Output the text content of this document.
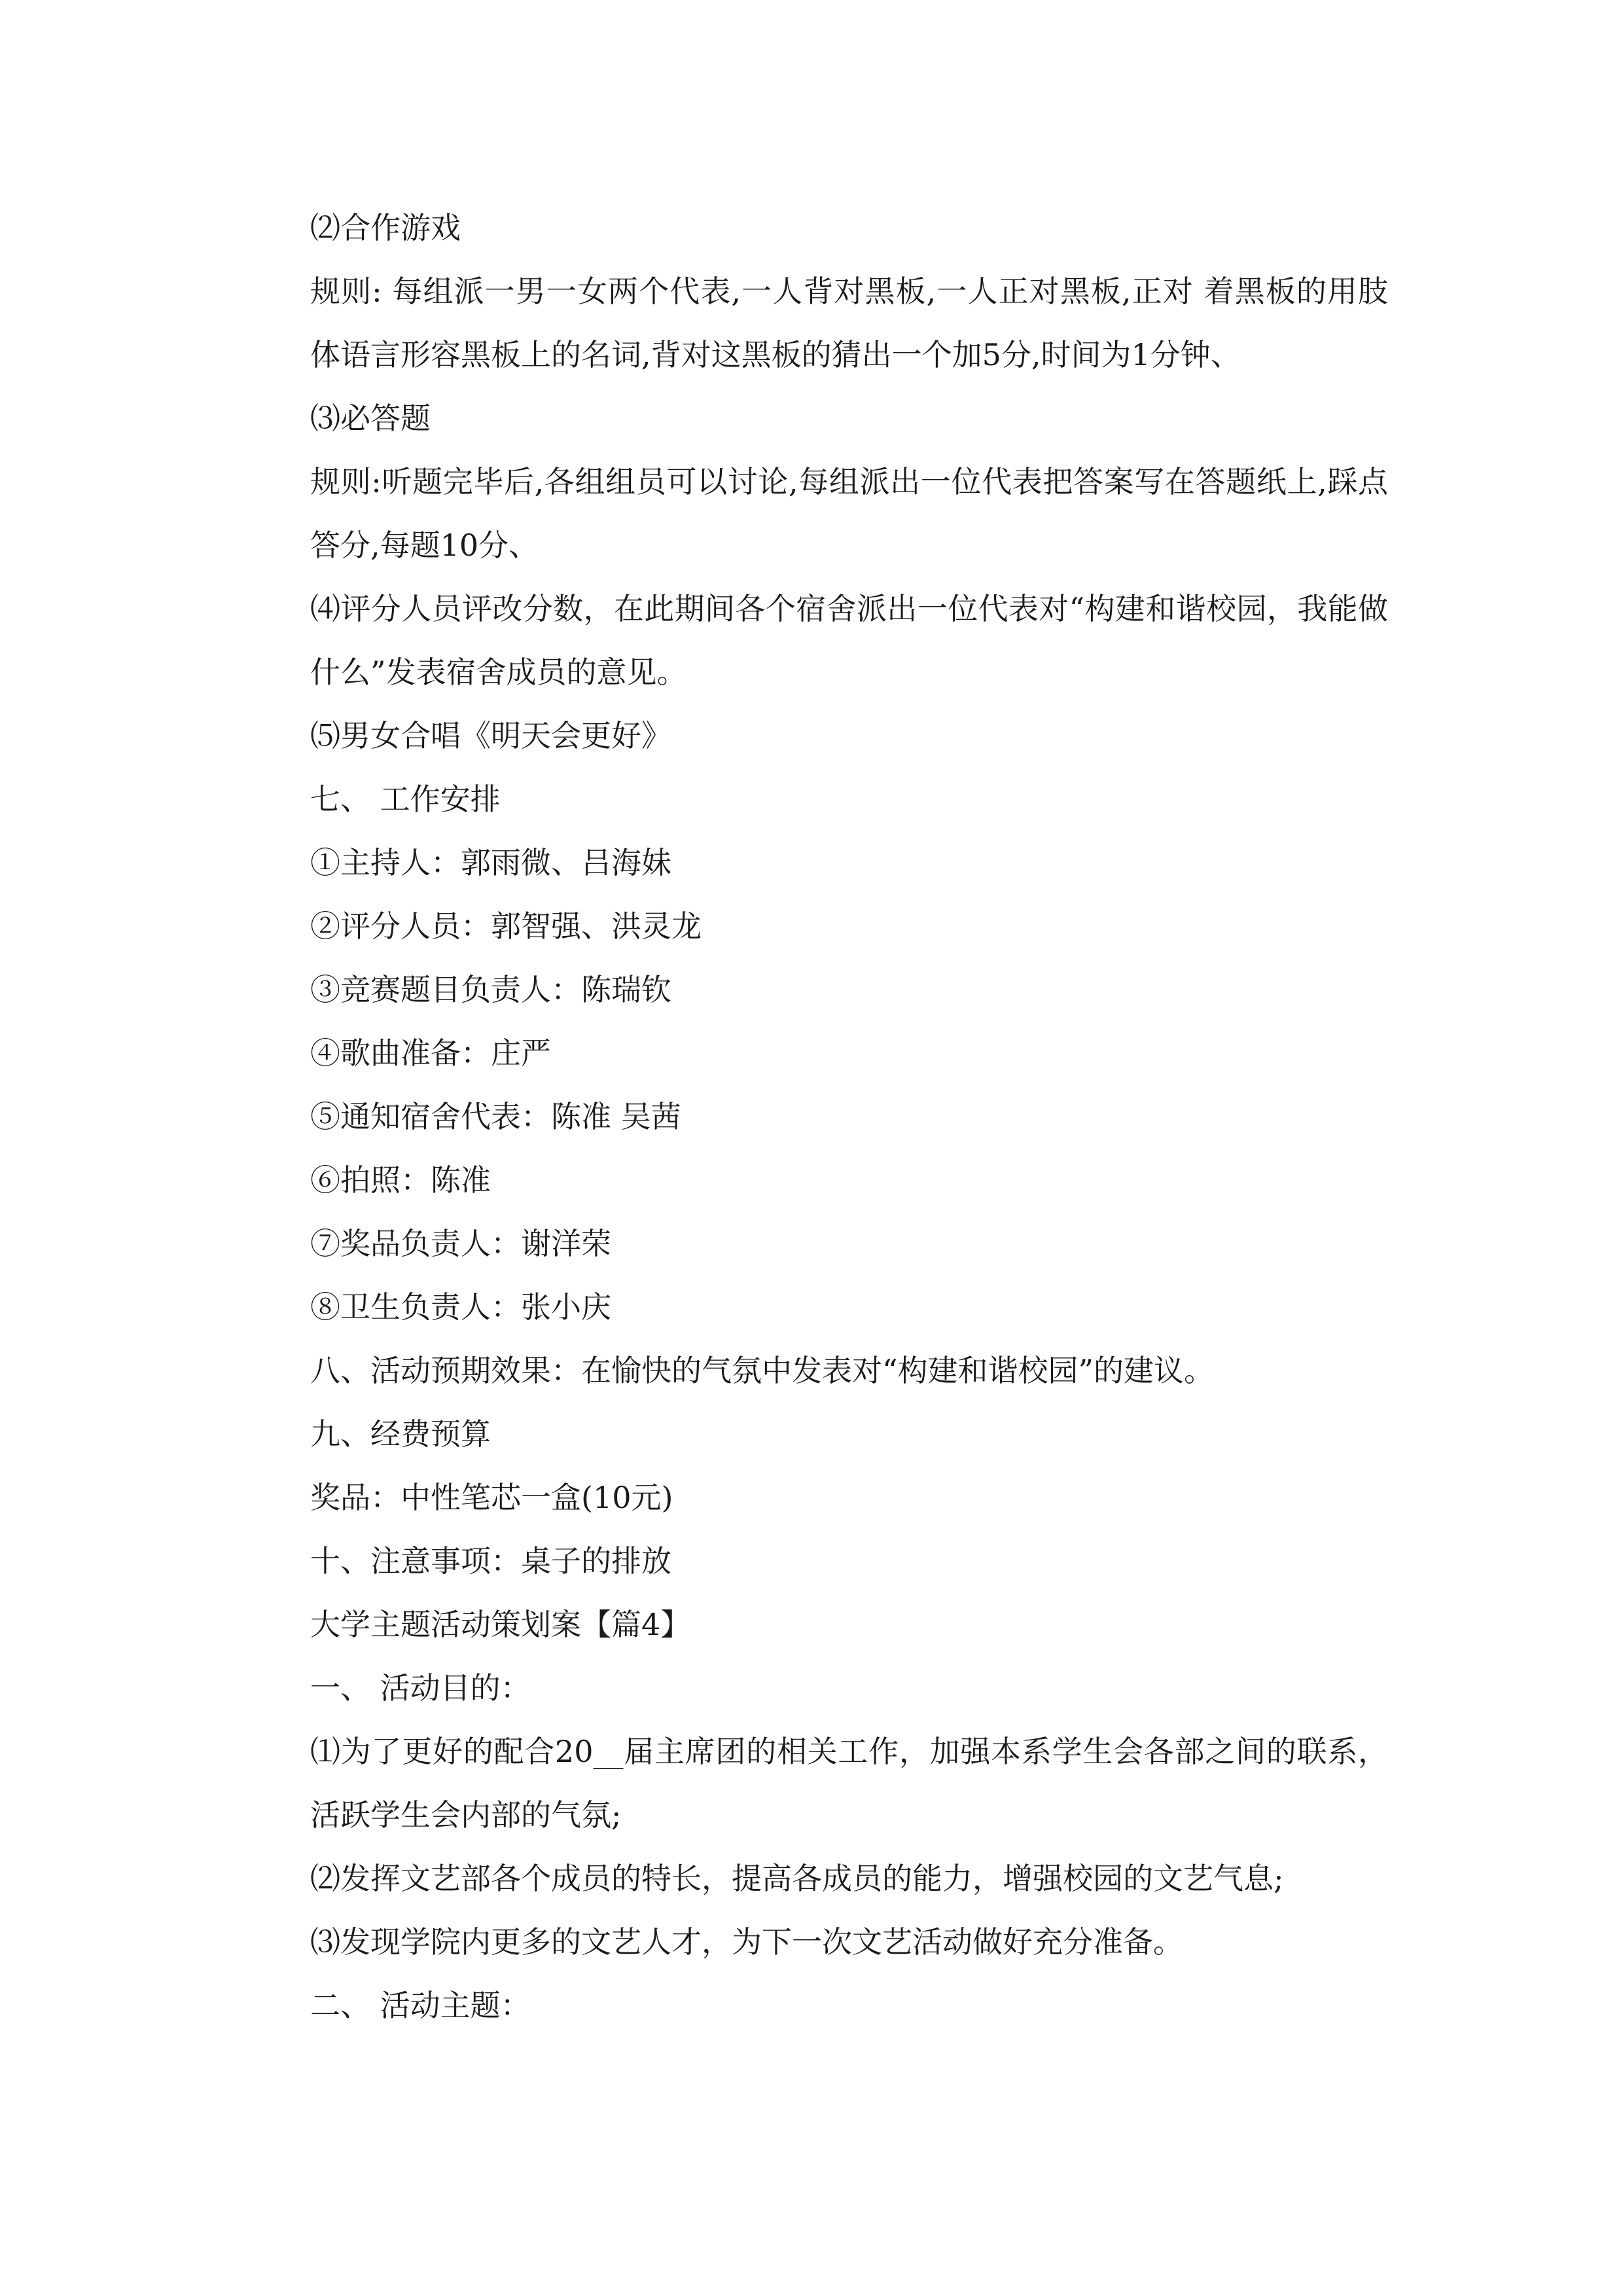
⑵合作游戏

规则: 每组派一男一女两个代表,一人背对黑板,一人正对黑板,正对 着黑板的用肢体语言形容黑板上的名词,背对这黑板的猜出一个加5分,时间为1分钟、

⑶必答题

规则:听题完毕后,各组组员可以讨论,每组派出一位代表把答案写在答题纸上,踩点答分,每题10分、

⑷评分人员评改分数，在此期间各个宿舍派出一位代表对“构建和谐校园，我能做什么”发表宿舍成员的意见。

⑸男女合唱《明天会更好》

七、 工作安排

①主持人：郭雨微、吕海妹

②评分人员：郭智强、洪灵龙

③竞赛题目负责人：陈瑞钦

④歌曲准备：庄严

⑤通知宿舍代表：陈准 吴茜

⑥拍照：陈准

⑦奖品负责人：谢洋荣

⑧卫生负责人：张小庆

八、活动预期效果：在愉快的气氛中发表对“构建和谐校园”的建议。

九、经费预算

奖品：中性笔芯一盒(10元)

十、注意事项：桌子的排放

大学主题活动策划案【篇4】

一、 活动目的：

⑴为了更好的配合20__届主席团的相关工作，加强本系学生会各部之间的联系，活跃学生会内部的气氛;

⑵发挥文艺部各个成员的特长，提高各成员的能力，增强校园的文艺气息;

⑶发现学院内更多的文艺人才，为下一次文艺活动做好充分准备。

二、 活动主题：
